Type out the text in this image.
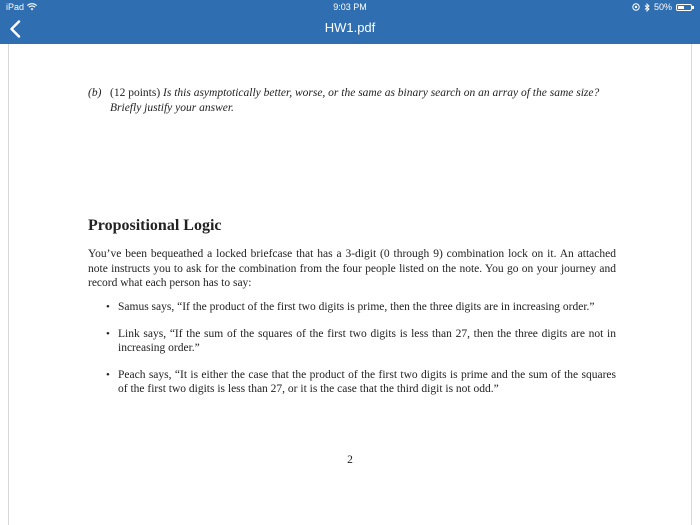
iPad	9:03 PM	50%
HW1.pdf
(b) (12 points) Is this asymptotically better, worse, or the same as binary search on an array of the same size? Briefly justify your answer.
Propositional Logic
You’ve been bequeathed a locked briefcase that has a 3-digit (0 through 9) combination lock on it. An attached note instructs you to ask for the combination from the four people listed on the note. You go on your journey and record what each person has to say:
• Samus says, “If the product of the first two digits is prime, then the three digits are in increasing order.”
• Link says, “If the sum of the squares of the first two digits is less than 27, then the three digits are not in increasing order.”
• Peach says, “It is either the case that the product of the first two digits is prime and the sum of the squares of the first two digits is less than 27, or it is the case that the third digit is not odd.”
2
